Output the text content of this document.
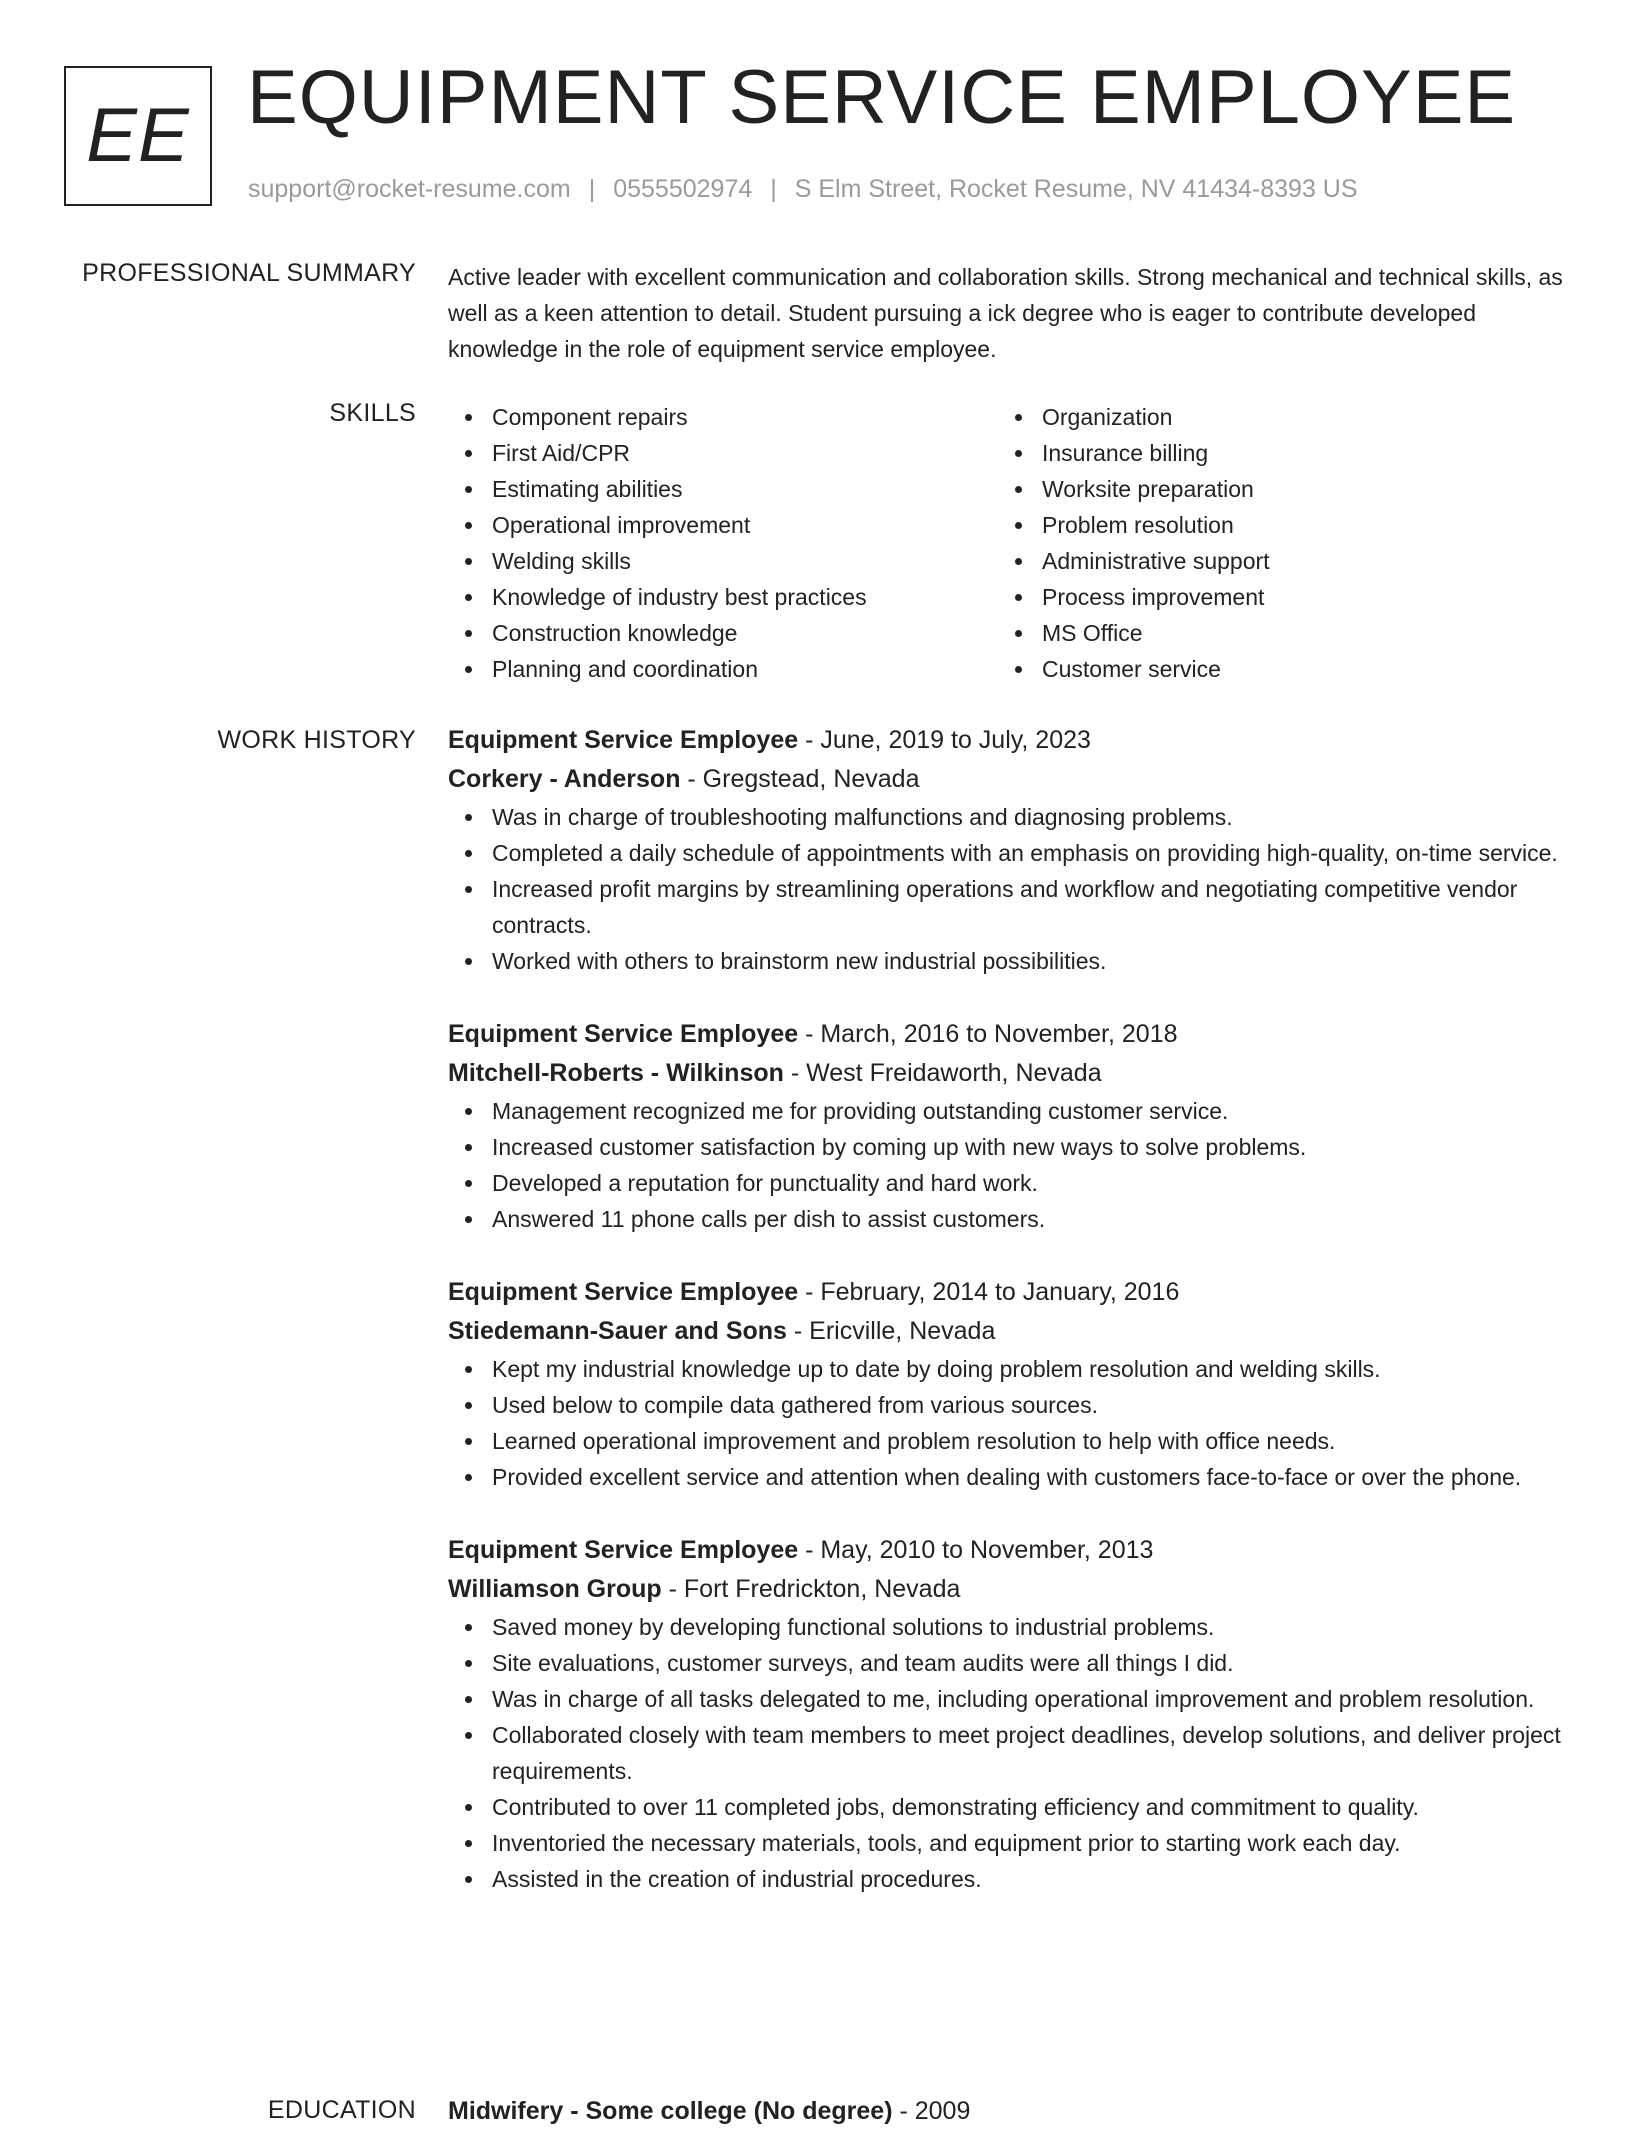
EE EQUIPMENT SERVICE EMPLOYEE
support@rocket-resume.com | 0555502974 | S Elm Street, Rocket Resume, NV 41434-8393 US
PROFESSIONAL SUMMARY Active leader with excellent communication and collaboration skills. Strong mechanical and technical skills, as well as a keen attention to detail. Student pursuing a ick degree who is eager to contribute developed knowledge in the role of equipment service employee.

SKILLS	Component repairs
First Aid/CPR
Estimating abilities
Operational improvement
Welding skills
Knowledge of industry best practices
Construction knowledge
Planning and coordination
Organization
Insurance billing
Worksite preparation
Problem resolution
Administrative support
Process improvement
MS Office
Customer service
WORK HISTORY Equipment Service Employee - June, 2019 to July, 2023
Corkery - Anderson - Gregstead, Nevada
Was in charge of troubleshooting malfunctions and diagnosing problems.
Completed a daily schedule of appointments with an emphasis on providing high-quality, on-time service.
Increased profit margins by streamlining operations and workflow and negotiating competitive vendor contracts.
Worked with others to brainstorm new industrial possibilities.
Equipment Service Employee - March, 2016 to November, 2018
Mitchell-Roberts - Wilkinson - West Freidaworth, Nevada
Management recognized me for providing outstanding customer service.
Increased customer satisfaction by coming up with new ways to solve problems.
Developed a reputation for punctuality and hard work.
Answered 11 phone calls per dish to assist customers.
Equipment Service Employee - February, 2014 to January, 2016
Stiedemann-Sauer and Sons - Ericville, Nevada
Kept my industrial knowledge up to date by doing problem resolution and welding skills.
Used below to compile data gathered from various sources.
Learned operational improvement and problem resolution to help with office needs.
Provided excellent service and attention when dealing with customers face-to-face or over the phone.
Equipment Service Employee - May, 2010 to November, 2013
Williamson Group - Fort Fredrickton, Nevada
Saved money by developing functional solutions to industrial problems.
Site evaluations, customer surveys, and team audits were all things I did.
Was in charge of all tasks delegated to me, including operational improvement and problem resolution.
Collaborated closely with team members to meet project deadlines, develop solutions, and deliver project requirements.
Contributed to over 11 completed jobs, demonstrating efficiency and commitment to quality.
Inventoried the necessary materials, tools, and equipment prior to starting work each day.
Assisted in the creation of industrial procedures.
EDUCATION Midwifery - Some college (No degree) - 2009
